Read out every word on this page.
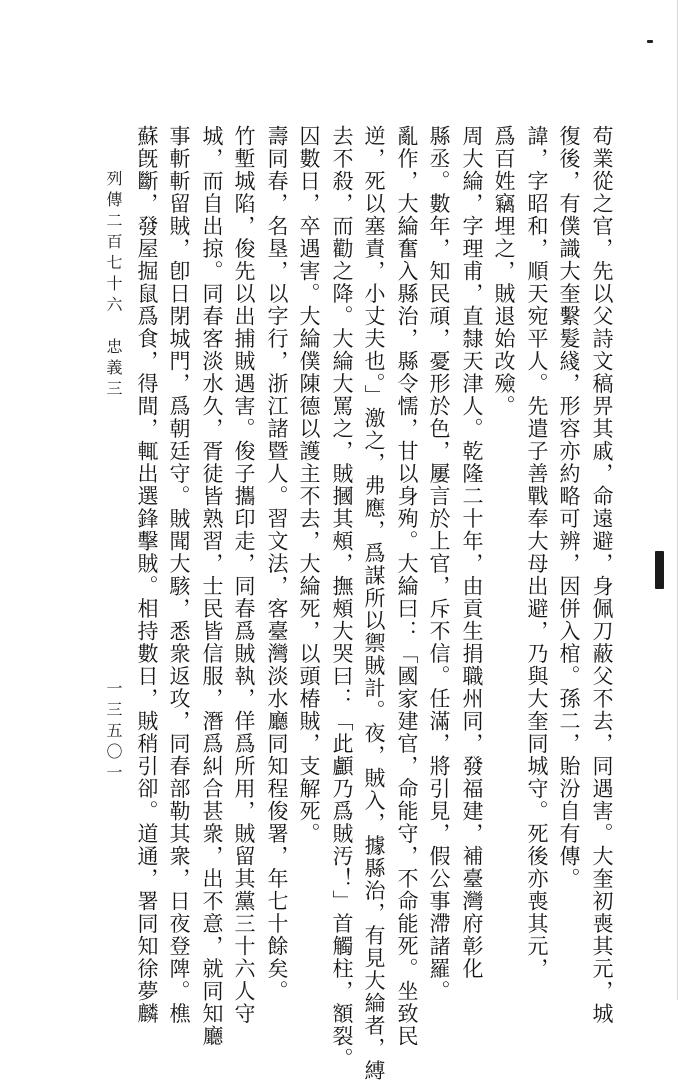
列傳二百七十六　忠義三
一三五〇一	苟業從之官，先以父詩文稿畀其戚，命遠避，身佩刀蔽父不去，同遇害。大奎初喪其元，城
復後，有僕識大奎繫髮綫，形容亦約略可辨，因併入棺。孫二，貽汾自有傳。
諱，字昭和，順天宛平人。先遣子善戰奉大母出避，乃與大奎同城守。死後亦喪其元，
爲百姓竊埋之，賊退始改殮。
周大綸，字理甫，直隸天津人。乾隆二十年，由貢生捐職州同，發福建，補臺灣府彰化
縣丞。數年，知民頑，憂形於色，屢言於上官，斥不信。任滿，將引見，假公事滯諸羅。
亂作，大綸奮入縣治，縣令懦，甘以身殉。大綸曰：「國家建官，命能守，不命能死。坐致民
逆，死以塞責，小丈夫也。」激之，弗應，爲謀所以禦賊計。夜，賊入，據縣治，有見大綸者，縛
去不殺，而勸之降。大綸大罵之，賊摑其頰，撫頰大哭曰：「此顱乃爲賊汚！」首觸柱，額裂。
囚數日，卒遇害。大綸僕陳德以護主不去，大綸死，以頭椿賊，支解死。
壽同春，名垦，以字行，浙江諸暨人。習文法，客臺灣淡水廳同知程俊署，年七十餘矣。
竹塹城陷，俊先以出捕賊遇害。俊子攜印走，同春爲賊執，佯爲所用，賊留其黨三十六人守
城，而自出掠。同春客淡水久，胥徒皆熟習，士民皆信服，潛爲糾合甚衆，出不意，就同知廳
事斬斬留賊，卽日閉城門，爲朝廷守。賊聞大駭，悉衆返攻，同春部勒其衆，日夜登陴。樵
蘇旣斷，發屋掘鼠爲食，得間，輒出選鋒擊賊。相持數日，賊稍引卻。道通，署同知徐夢麟
